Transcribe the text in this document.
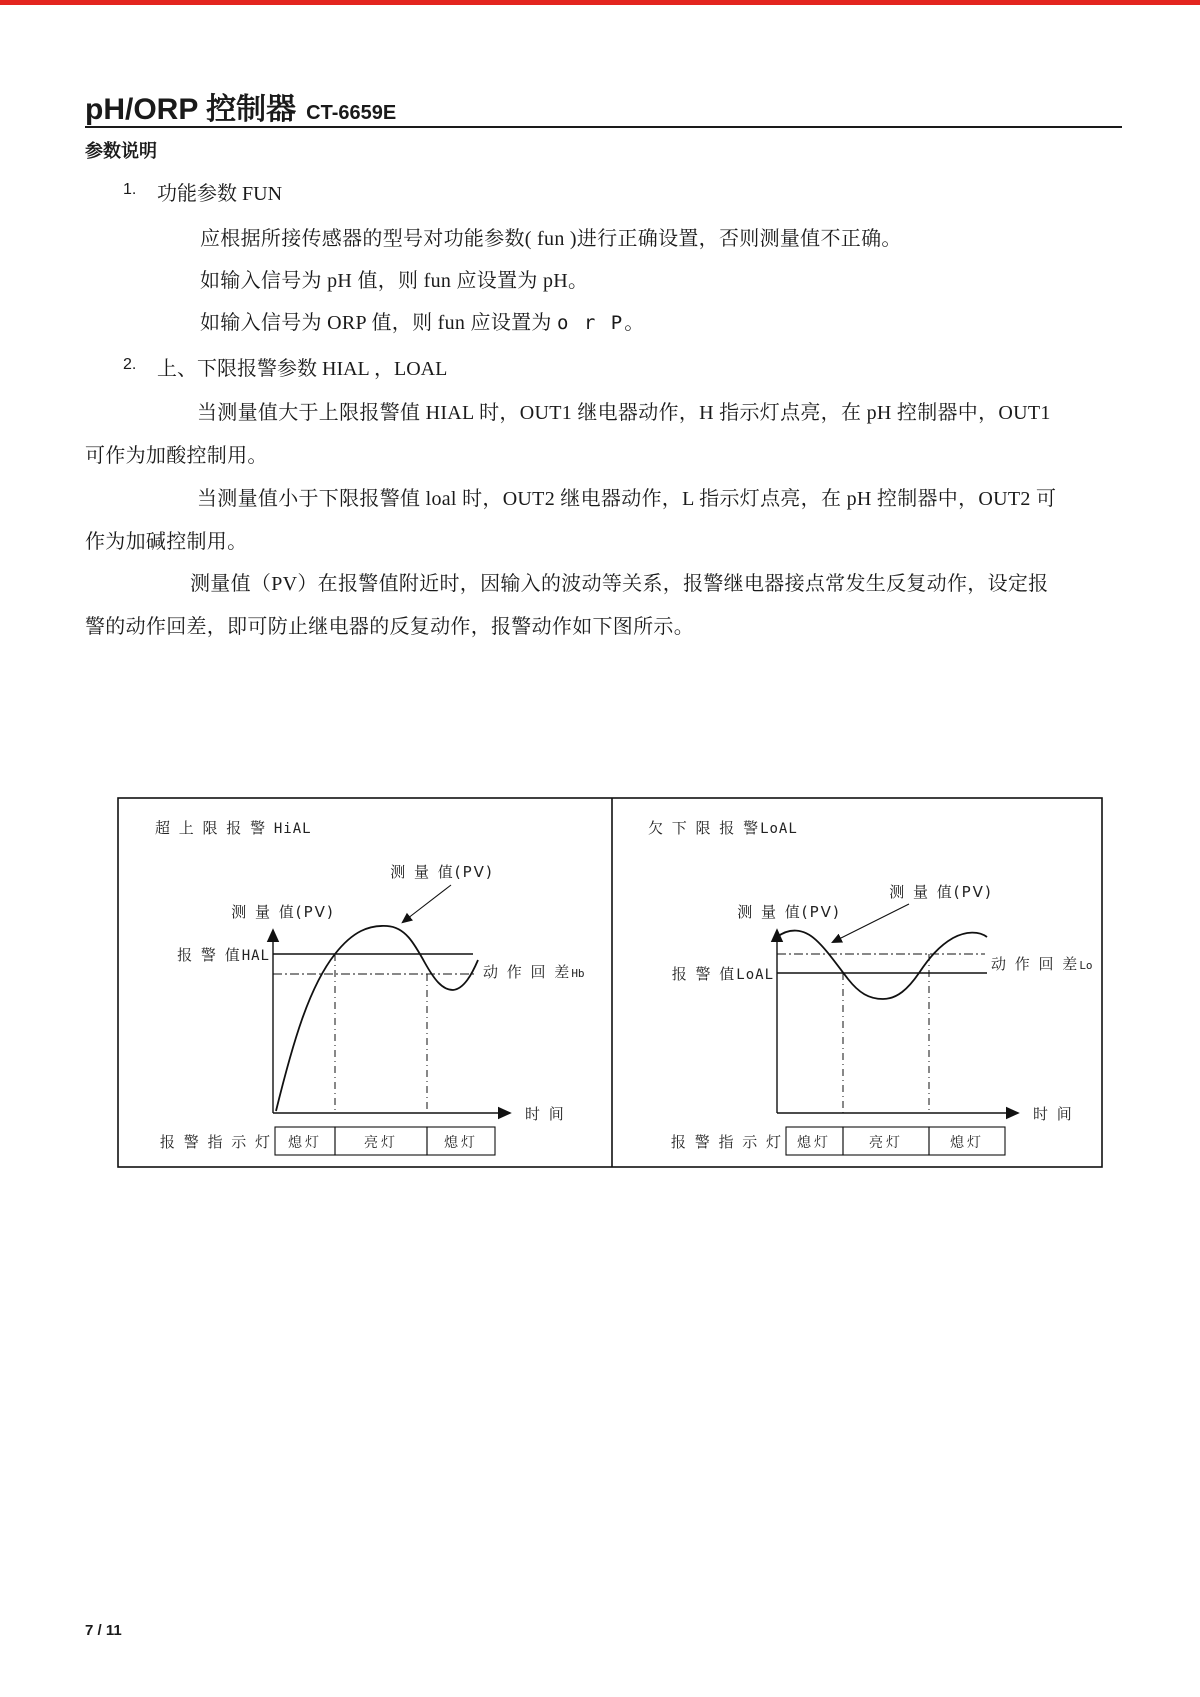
pH/ORP 控制器 CT-6659E
参数说明
1. 功能参数 FUN
应根据所接传感器的型号对功能参数( fun )进行正确设置，否则测量值不正确。
如输入信号为 pH 值，则 fun 应设置为 pH。
如输入信号为 ORP 值，则 fun 应设置为 o r P。
2. 上、下限报警参数 HIAL ，LOAL
当测量值大于上限报警值 HIAL 时，OUT1 继电器动作，H 指示灯点亮，在 pH 控制器中，OUT1
可作为加酸控制用。
当测量值小于下限报警值 loal 时，OUT2 继电器动作，L 指示灯点亮，在 pH 控制器中，OUT2 可
作为加碱控制用。
测量值（PV）在报警值附近时，因输入的波动等关系，报警继电器接点常发生反复动作，设定报
警的动作回差，即可防止继电器的反复动作，报警动作如下图所示。
超 上 限 报 警 HiAL
时 间
测 量 值(PV)
测 量 值(PV)
报 警 值HAL
动 作 回 差Hb
报 警 指 示 灯 熄灯	亮灯	熄灯
欠 下 限 报 警LoAL
时 间
测 量 值(PV)
测 量 值(PV)
报 警 值LoAL
动 作 回 差Lo
报 警 指 示 灯 熄灯	亮灯	熄灯
7 / 11
